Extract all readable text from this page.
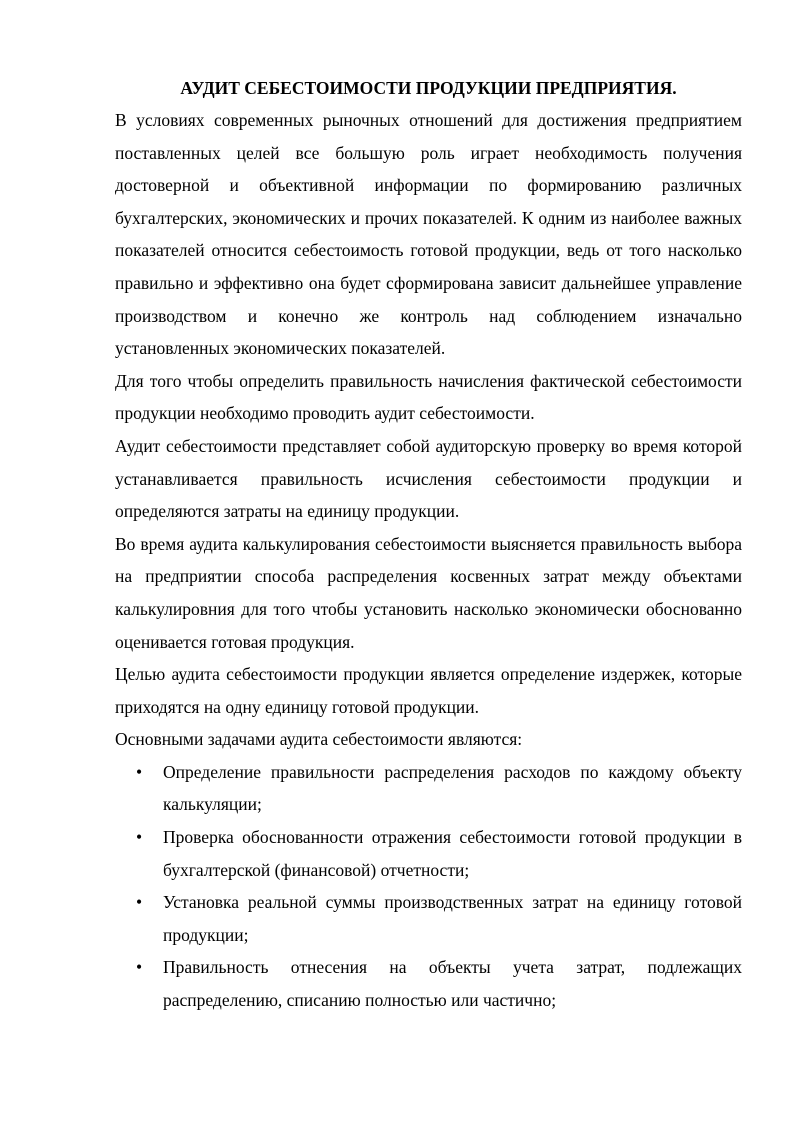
АУДИТ СЕБЕСТОИМОСТИ ПРОДУКЦИИ ПРЕДПРИЯТИЯ.

В условиях современных рыночных отношений для достижения предприятием поставленных целей все большую роль играет необходимость получения достоверной и объективной информации по формированию различных бухгалтерских, экономических и прочих показателей. К одним из наиболее важных показателей относится себестоимость готовой продукции, ведь от того насколько правильно и эффективно она будет сформирована зависит дальнейшее управление производством и конечно же контроль над соблюдением изначально установленных экономических показателей.

Для того чтобы определить правильность начисления фактической себестоимости продукции необходимо проводить аудит себестоимости.

Аудит себестоимости представляет собой аудиторскую проверку во время которой устанавливается правильность исчисления себестоимости продукции и определяются затраты на единицу продукции.

Во время аудита калькулирования себестоимости выясняется правильность выбора на предприятии способа распределения косвенных затрат между объектами калькулировния для того чтобы установить насколько экономически обоснованно оценивается готовая продукция.

Целью аудита себестоимости продукции является определение издержек, которые приходятся на одну единицу готовой продукции.

Основными задачами аудита себестоимости являются:

• Определение правильности распределения расходов по каждому объекту калькуляции;
• Проверка обоснованности отражения себестоимости готовой продукции в бухгалтерской (финансовой) отчетности;
• Установка реальной суммы производственных затрат на единицу готовой продукции;
• Правильность отнесения на объекты учета затрат, подлежащих распределению, списанию полностью или частично;
